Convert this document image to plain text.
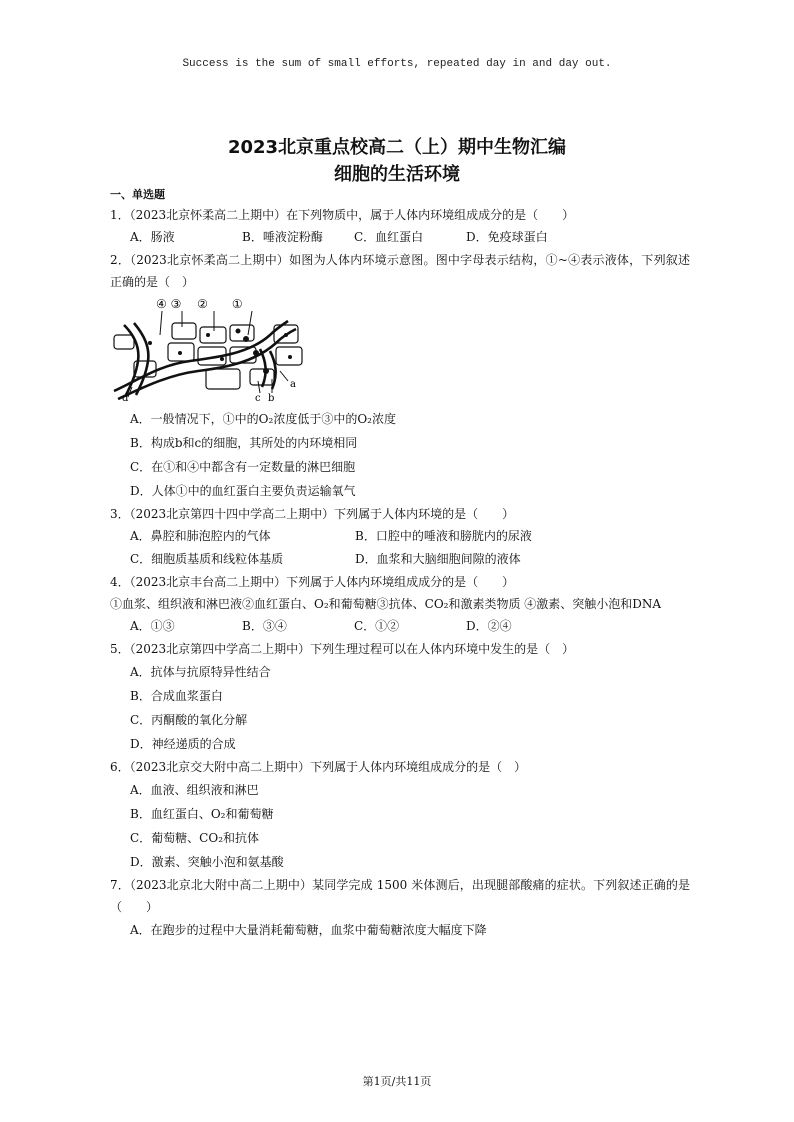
Success is the sum of small efforts, repeated day in and day out.
2023北京重点校高二（上）期中生物汇编
细胞的生活环境
一、单选题
1．（2023北京怀柔高二上期中）在下列物质中，属于人体内环境组成成分的是（　　）
A．肠液	B．唾液淀粉酶	C．血红蛋白	D．免疫球蛋白
2．（2023北京怀柔高二上期中）如图为人体内环境示意图。图中字母表示结构，①~④表示液体，下列叙述正确的是（　）
④ ③　 ②　　①
d	c b
a
A．一般情况下，①中的O₂浓度低于③中的O₂浓度
B．构成b和c的细胞，其所处的内环境相同
C．在①和④中都含有一定数量的淋巴细胞
D．人体①中的血红蛋白主要负责运输氧气
3．（2023北京第四十四中学高二上期中）下列属于人体内环境的是（　　）
A．鼻腔和肺泡腔内的气体	B．口腔中的唾液和膀胱内的尿液
C．细胞质基质和线粒体基质	D．血浆和大脑细胞间隙的液体
4．（2023北京丰台高二上期中）下列属于人体内环境组成成分的是（　　）
①血浆、组织液和淋巴液②血红蛋白、O₂和葡萄糖③抗体、CO₂和激素类物质 ④激素、突触小泡和DNA
A．①③	B．③④	C．①②	D．②④
5．（2023北京第四中学高二上期中）下列生理过程可以在人体内环境中发生的是（　）
A．抗体与抗原特异性结合
B．合成血浆蛋白
C．丙酮酸的氧化分解
D．神经递质的合成
6．（2023北京交大附中高二上期中）下列属于人体内环境组成成分的是（　）
A．血液、组织液和淋巴
B．血红蛋白、O₂和葡萄糖
C．葡萄糖、CO₂和抗体
D．激素、突触小泡和氨基酸
7．（2023北京北大附中高二上期中）某同学完成 1500 米体测后，出现腿部酸痛的症状。下列叙述正确的是（　　）
A．在跑步的过程中大量消耗葡萄糖，血浆中葡萄糖浓度大幅度下降
第1页/共11页
